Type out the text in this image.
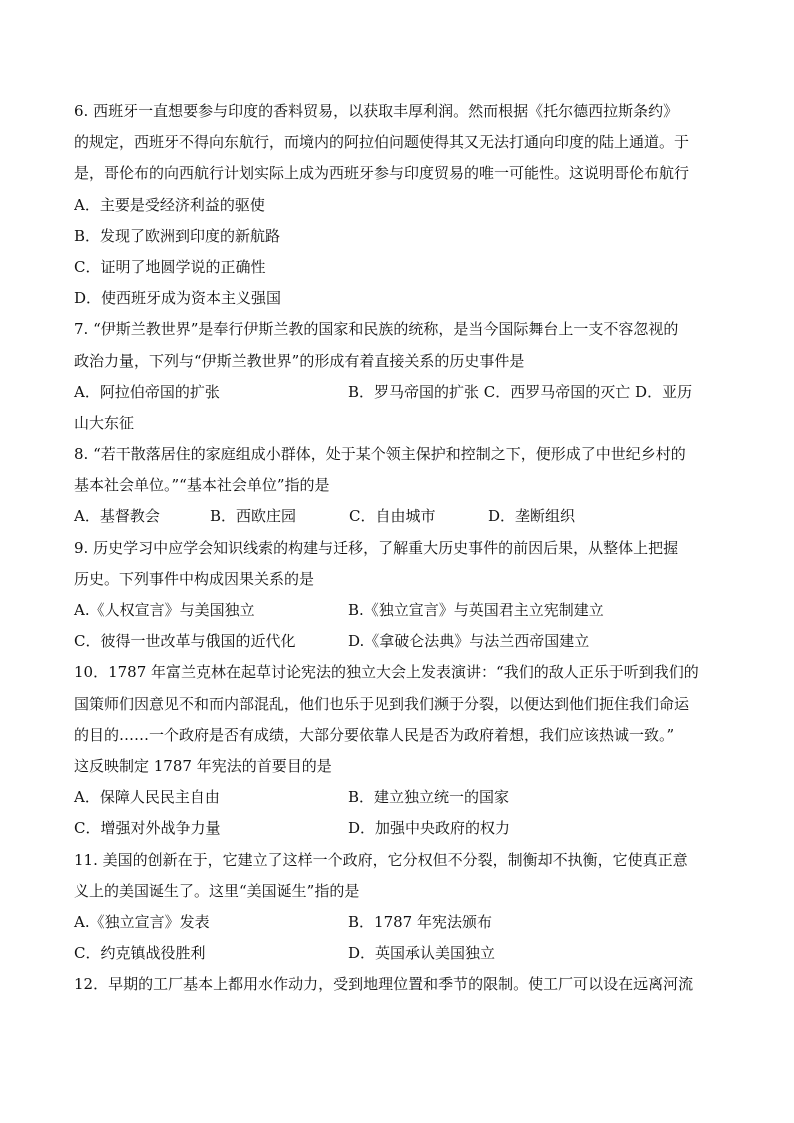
6. 西班牙一直想要参与印度的香料贸易，以获取丰厚利润。然而根据《托尔德西拉斯条约》
的规定，西班牙不得向东航行，而境内的阿拉伯问题使得其又无法打通向印度的陆上通道。于
是，哥伦布的向西航行计划实际上成为西班牙参与印度贸易的唯一可能性。这说明哥伦布航行
A．主要是受经济利益的驱使
B．发现了欧洲到印度的新航路
C．证明了地圆学说的正确性
D．使西班牙成为资本主义强国
7. “伊斯兰教世界”是奉行伊斯兰教的国家和民族的统称，是当今国际舞台上一支不容忽视的
政治力量，下列与“伊斯兰教世界”的形成有着直接关系的历史事件是
A．阿拉伯帝国的扩张	B．罗马帝国的扩张 C．西罗马帝国的灭亡 D．亚历
山大东征
8. “若干散落居住的家庭组成小群体，处于某个领主保护和控制之下，便形成了中世纪乡村的
基本社会单位。”“基本社会单位”指的是
A．基督教会	B．西欧庄园	C．自由城市	D．垄断组织
9. 历史学习中应学会知识线索的构建与迁移，了解重大历史事件的前因后果，从整体上把握
历史。下列事件中构成因果关系的是
A.《人权宣言》与美国独立	B.《独立宣言》与英国君主立宪制建立
C．彼得一世改革与俄国的近代化	D.《拿破仑法典》与法兰西帝国建立
10．1787 年富兰克林在起草讨论宪法的独立大会上发表演讲：“我们的敌人正乐于听到我们的
国策师们因意见不和而内部混乱，他们也乐于见到我们濒于分裂，以便达到他们扼住我们命运
的目的……一个政府是否有成绩，大部分要依靠人民是否为政府着想，我们应该热诚一致。”
这反映制定 1787 年宪法的首要目的是
A．保障人民民主自由	B．建立独立统一的国家
C．增强对外战争力量	D．加强中央政府的权力
11. 美国的创新在于，它建立了这样一个政府，它分权但不分裂，制衡却不执衡，它使真正意
义上的美国诞生了。这里“美国诞生”指的是
A.《独立宣言》发表	B．1787 年宪法颁布
C．约克镇战役胜利	D．英国承认美国独立
12．早期的工厂基本上都用水作动力，受到地理位置和季节的限制。使工厂可以设在远离河流
